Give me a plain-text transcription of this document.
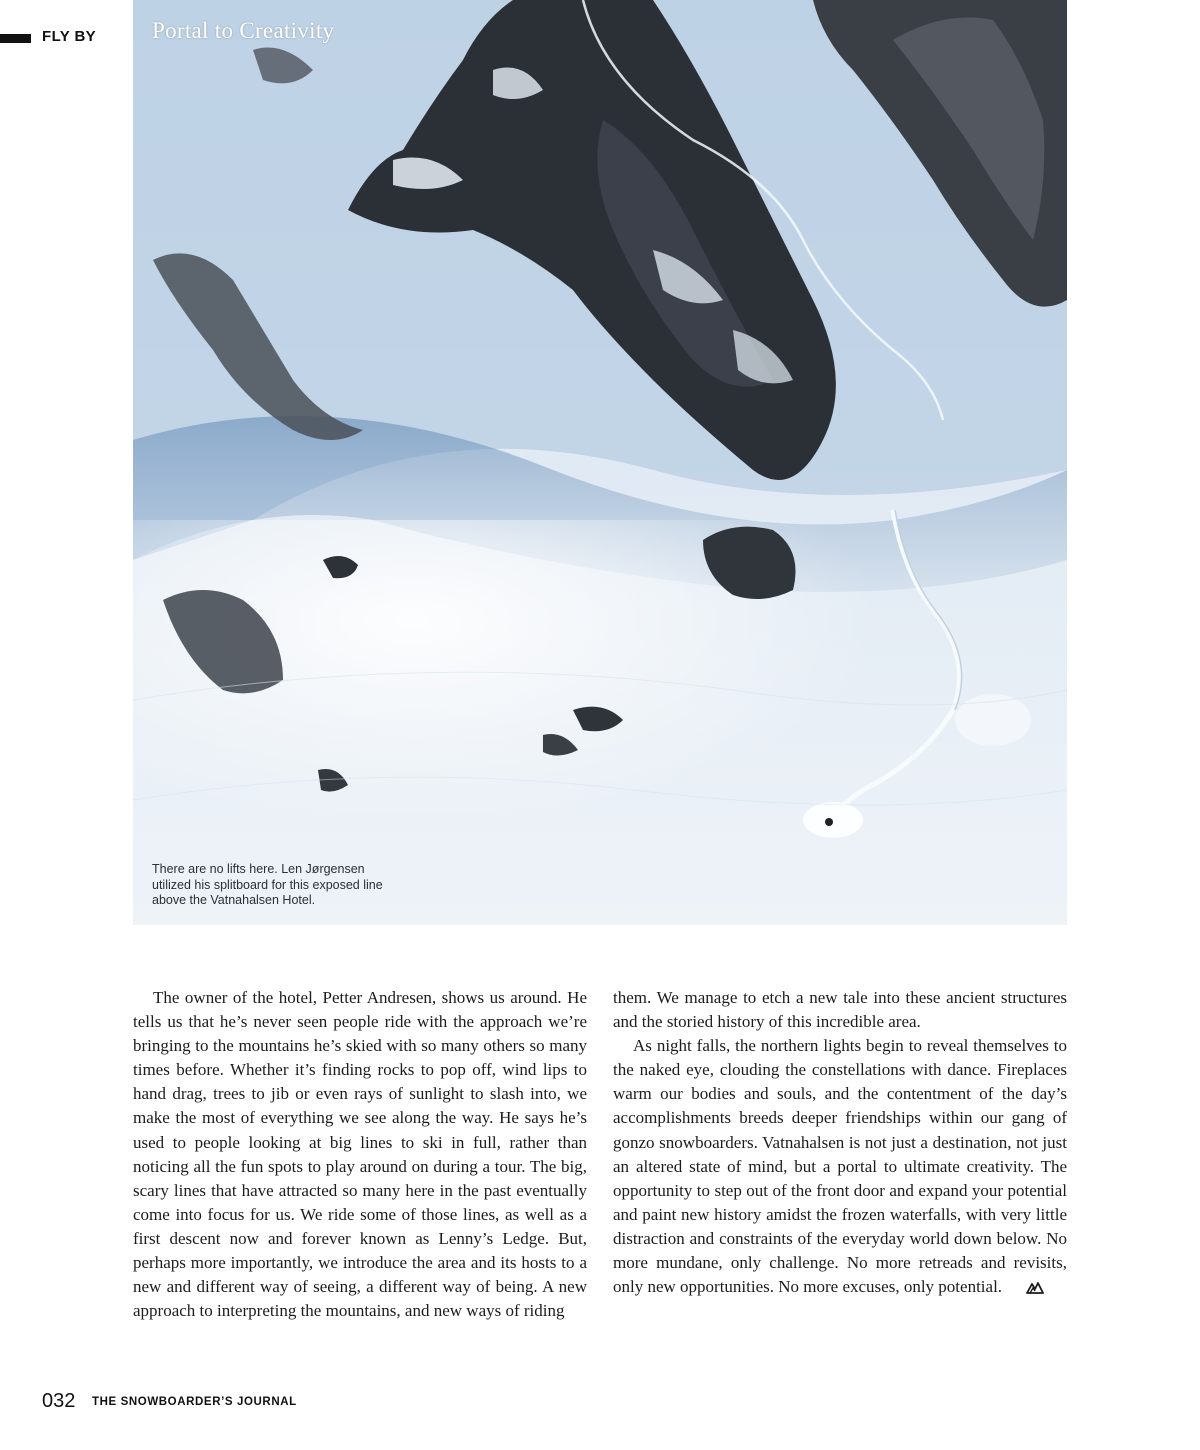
FLY BY Portal to Creativity
There are no lifts here. Len Jørgensen utilized his splitboard for this exposed line above the Vatnahalsen Hotel.

The owner of the hotel, Petter Andresen, shows us around. He tells us that he’s never seen people ride with the approach we’re bringing to the mountains he’s skied with so many others so many times before. Whether it’s finding rocks to pop off, wind lips to hand drag, trees to jib or even rays of sunlight to slash into, we make the most of everything we see along the way. He says he’s used to people looking at big lines to ski in full, rather than noticing all the fun spots to play around on during a tour. The big, scary lines that have attracted so many here in the past eventually come into focus for us. We ride some of those lines, as well as a first descent now and forever known as Lenny’s Ledge. But, perhaps more importantly, we introduce the area and its hosts to a new and different way of seeing, a different way of being. A new approach to interpreting the mountains, and new ways of riding

them. We manage to etch a new tale into these ancient structures and the storied history of this incredible area.

As night falls, the northern lights begin to reveal themselves to the naked eye, clouding the constellations with dance. Fireplaces warm our bodies and souls, and the contentment of the day’s accomplishments breeds deeper friendships within our gang of gonzo snowboarders. Vatnahalsen is not just a destination, not just an altered state of mind, but a portal to ultimate creativity. The opportunity to step out of the front door and expand your potential and paint new history amidst the frozen waterfalls, with very little distraction and constraints of the everyday world down below. No more mundane, only challenge. No more retreads and revisits, only new opportunities. No more excuses, only potential.

032 THE SNOWBOARDER’S JOURNAL
